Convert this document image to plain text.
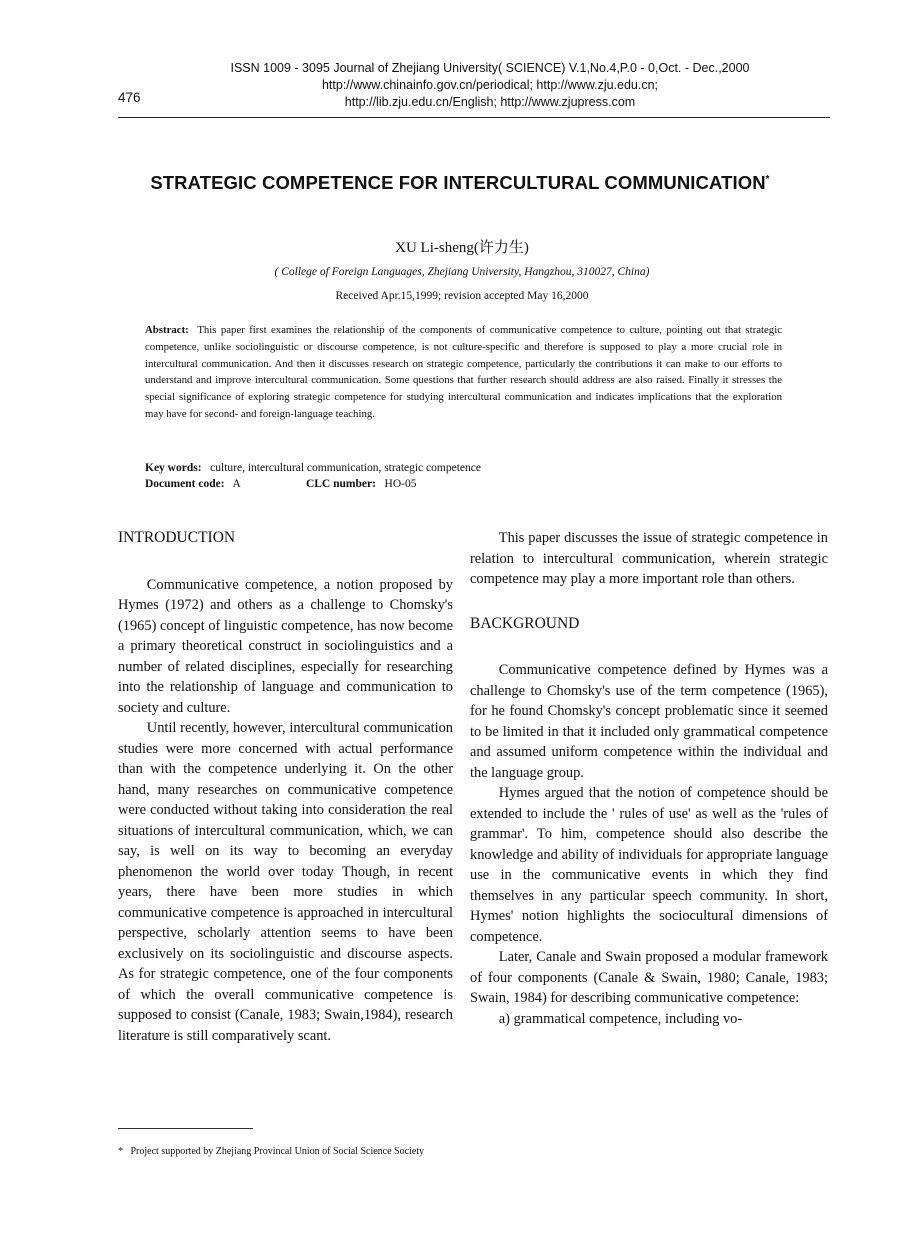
ISSN 1009 - 3095 Journal of Zhejiang University( SCIENCE) V.1,No.4,P.0 - 0,Oct. - Dec.,2000
http://www.chinainfo.gov.cn/periodical; http://www.zju.edu.cn;
http://lib.zju.edu.cn/English; http://www.zjupress.com
476
STRATEGIC COMPETENCE FOR INTERCULTURAL COMMUNICATION*
XU Li-sheng(许力生)
( College of Foreign Languages, Zhejiang University, Hangzhou, 310027, China)
Received Apr.15,1999; revision accepted May 16,2000
Abstract: This paper first examines the relationship of the components of communicative competence to culture, pointing out that strategic competence, unlike sociolinguistic or discourse competence, is not culture-specific and therefore is supposed to play a more crucial role in intercultural communication. And then it discusses research on strategic competence, particularly the contributions it can make to our efforts to understand and improve intercultural communication. Some questions that further research should address are also raised. Finally it stresses the special significance of exploring strategic competence for studying intercultural communication and indicates implications that the exploration may have for second- and foreign-language teaching.
Key words: culture, intercultural communication, strategic competence
Document code: A	CLC number: HO-05
INTRODUCTION

Communicative competence, a notion proposed by Hymes (1972) and others as a challenge to Chomsky's (1965) concept of linguistic competence, has now become a primary theoretical construct in sociolinguistics and a number of related disciplines, especially for researching into the relationship of language and communication to society and culture.

Until recently, however, intercultural communication studies were more concerned with actual performance than with the competence underlying it. On the other hand, many researches on communicative competence were conducted without taking into consideration the real situations of intercultural communication, which, we can say, is well on its way to becoming an everyday phenomenon the world over today Though, in recent years, there have been more studies in which communicative competence is approached in intercultural perspective, scholarly attention seems to have been exclusively on its sociolinguistic and discourse aspects. As for strategic competence, one of the four components of which the overall communicative competence is supposed to consist (Canale, 1983; Swain,1984), research literature is still comparatively scant.

This paper discusses the issue of strategic competence in relation to intercultural communication, wherein strategic competence may play a more important role than others.

BACKGROUND

Communicative competence defined by Hymes was a challenge to Chomsky's use of the term competence (1965), for he found Chomsky's concept problematic since it seemed to be limited in that it included only grammatical competence and assumed uniform competence within the individual and the language group.

Hymes argued that the notion of competence should be extended to include the ' rules of use' as well as the 'rules of grammar'. To him, competence should also describe the knowledge and ability of individuals for appropriate language use in the communicative events in which they find themselves in any particular speech community. In short, Hymes' notion highlights the sociocultural dimensions of competence.

Later, Canale and Swain proposed a modular framework of four components (Canale & Swain, 1980; Canale, 1983; Swain, 1984) for describing communicative competence:

a) grammatical competence, including vo-

* Project supported by Zhejiang Provincal Union of Social Science Society
